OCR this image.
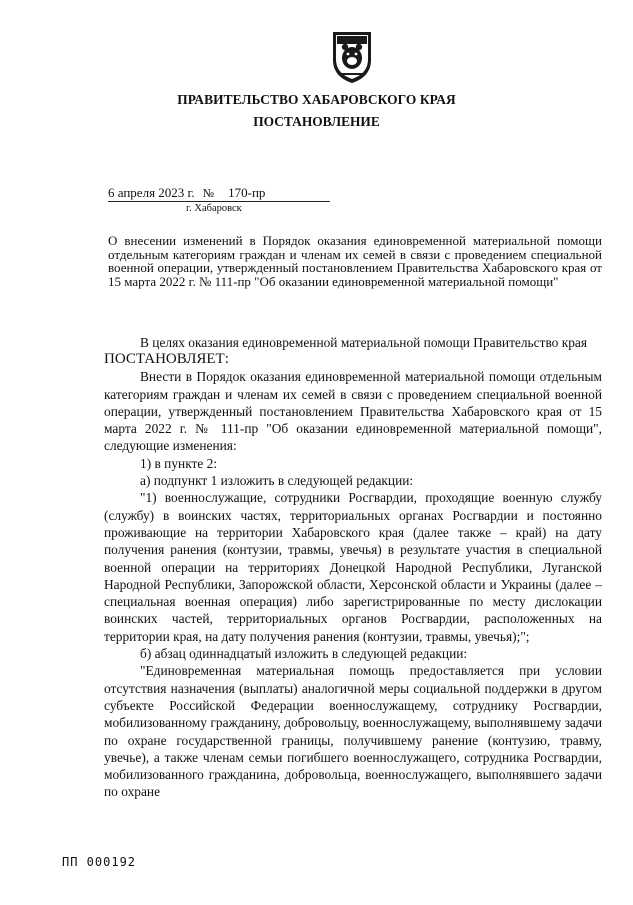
ПРАВИТЕЛЬСТВО ХАБАРОВСКОГО КРАЯ
ПОСТАНОВЛЕНИЕ
6 апреля 2023 г. № 170-пр
г. Хабаровск
О внесении изменений в Порядок оказания единовременной материальной помощи отдельным категориям граждан и членам их семей в связи с проведением специальной военной операции, утвержденный постановлением Правительства Хабаровского края от 15 марта 2022 г. № 111-пр "Об оказании единовременной материальной помощи"

В целях оказания единовременной материальной помощи Правительство края

ПОСТАНОВЛЯЕТ:

Внести в Порядок оказания единовременной материальной помощи отдельным категориям граждан и членам их семей в связи с проведением специальной военной операции, утвержденный постановлением Правительства Хабаровского края от 15 марта 2022 г. № 111-пр "Об оказании единовременной материальной помощи", следующие изменения:

1) в пункте 2:

а) подпункт 1 изложить в следующей редакции:

"1) военнослужащие, сотрудники Росгвардии, проходящие военную службу (службу) в воинских частях, территориальных органах Росгвардии и постоянно проживающие на территории Хабаровского края (далее также – край) на дату получения ранения (контузии, травмы, увечья) в результате участия в специальной военной операции на территориях Донецкой Народной Республики, Луганской Народной Республики, Запорожской области, Херсонской области и Украины (далее – специальная военная операция) либо зарегистрированные по месту дислокации воинских частей, территориальных органов Росгвардии, расположенных на территории края, на дату получения ранения (контузии, травмы, увечья);";

б) абзац одиннадцатый изложить в следующей редакции:

"Единовременная материальная помощь предоставляется при условии отсутствия назначения (выплаты) аналогичной меры социальной поддержки в другом субъекте Российской Федерации военнослужащему, сотруднику Росгвардии, мобилизованному гражданину, добровольцу, военнослужащему, выполнявшему задачи по охране государственной границы, получившему ранение (контузию, травму, увечье), а также членам семьи погибшего военнослужащего, сотрудника Росгвардии, мобилизованного гражданина, добровольца, военнослужащего, выполнявшего задачи по охране

ПП 000192
